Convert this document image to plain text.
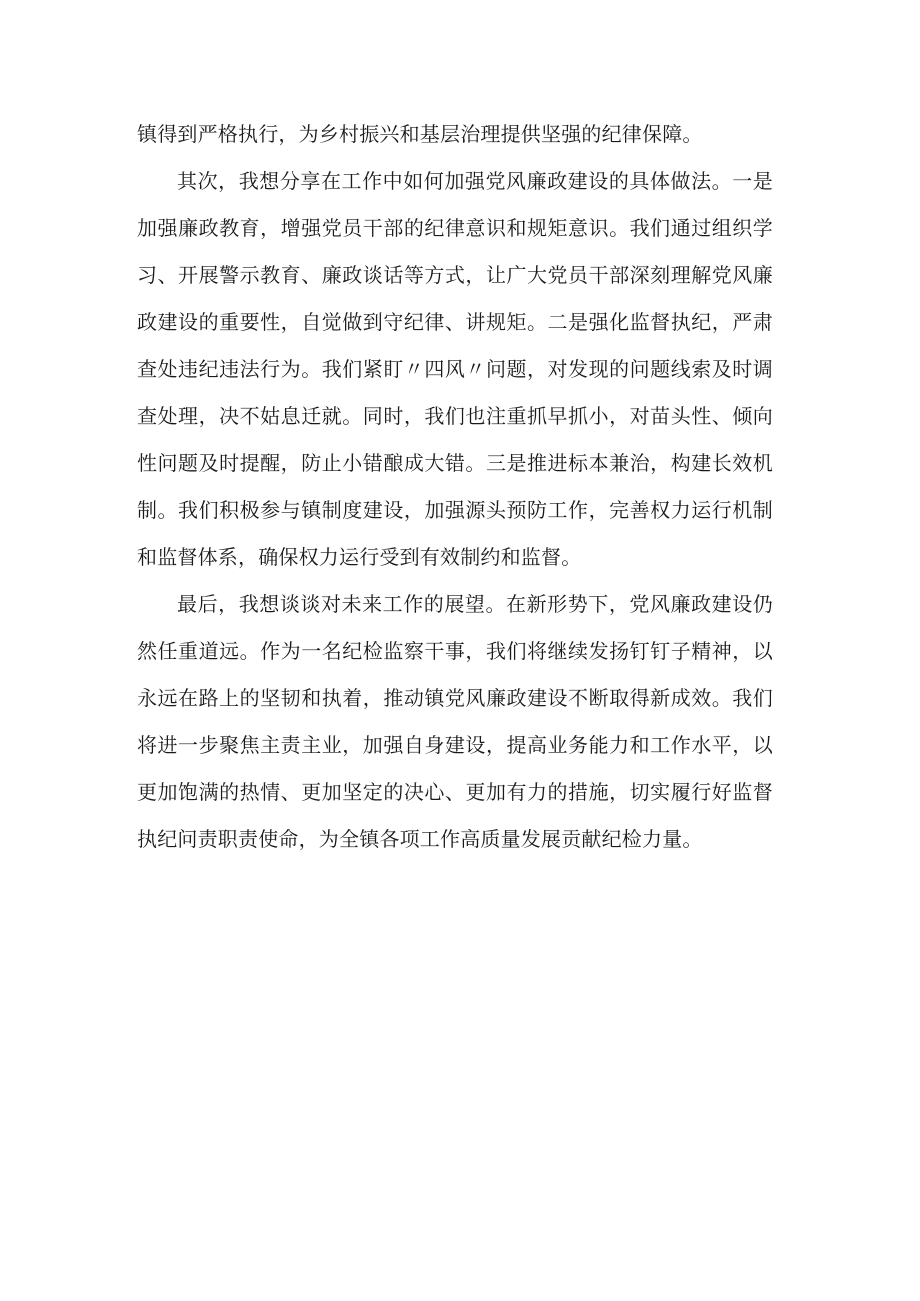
镇得到严格执行，为乡村振兴和基层治理提供坚强的纪律保障。

其次，我想分享在工作中如何加强党风廉政建设的具体做法。一是加强廉政教育，增强党员干部的纪律意识和规矩意识。我们通过组织学习、开展警示教育、廉政谈话等方式，让广大党员干部深刻理解党风廉政建设的重要性，自觉做到守纪律、讲规矩。二是强化监督执纪，严肃查处违纪违法行为。我们紧盯〃四风〃问题，对发现的问题线索及时调查处理，决不姑息迁就。同时，我们也注重抓早抓小，对苗头性、倾向性问题及时提醒，防止小错酿成大错。三是推进标本兼治，构建长效机制。我们积极参与镇制度建设，加强源头预防工作，完善权力运行机制和监督体系，确保权力运行受到有效制约和监督。

最后，我想谈谈对未来工作的展望。在新形势下，党风廉政建设仍然任重道远。作为一名纪检监察干事，我们将继续发扬钉钉子精神，以永远在路上的坚韧和执着，推动镇党风廉政建设不断取得新成效。我们将进一步聚焦主责主业，加强自身建设，提高业务能力和工作水平，以更加饱满的热情、更加坚定的决心、更加有力的措施，切实履行好监督执纪问责职责使命，为全镇各项工作高质量发展贡献纪检力量。
